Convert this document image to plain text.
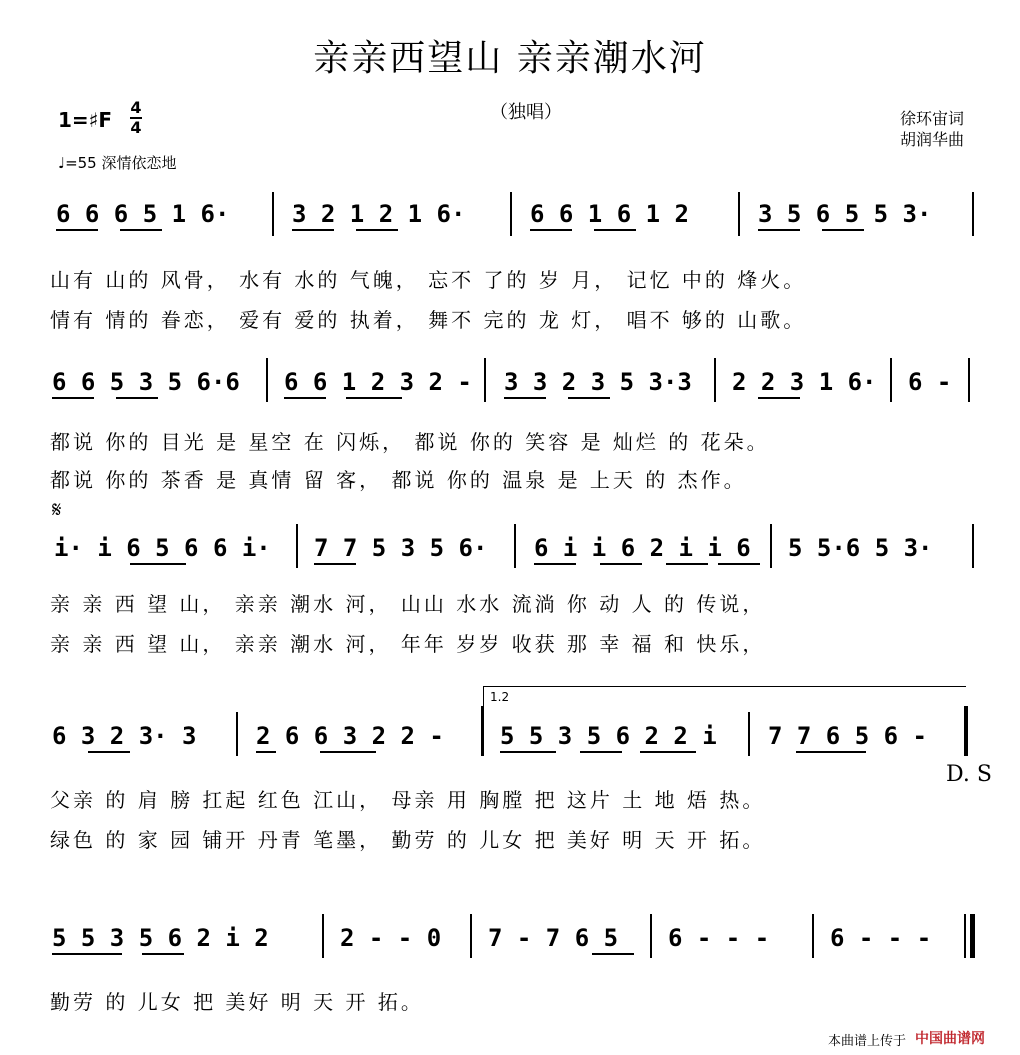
亲亲西望山 亲亲潮水河
（独唱）
1=♯F
4
4
♩=55 深情依恋地
徐环宙词
胡润华曲
6 6 6 5 1 6·	3 2 1 2 1 6·	6 6 1 6 1 2	3 5 6 5 5 3·
山有 山的 风骨， 水有 水的 气魄， 忘不 了的 岁 月， 记忆 中的 烽火。
情有 情的 眷恋， 爱有 爱的 执着， 舞不 完的 龙 灯， 唱不 够的 山歌。
6 6 5 3 5 6·6 6 6 1 2 3 2 - 3 3 2 3 5 3·3 2 2 3 1 6· 6 -
都说 你的 目光 是 星空 在 闪烁， 都说 你的 笑容 是 灿烂 的 花朵。
都说 你的 茶香 是 真情 留 客， 都说 你的 温泉 是 上天 的 杰作。
𝄋
i· i 6 5 6 6 i· 7 7 5 3 5 6· 6 i i 6 2 i i 6 5 5·6 5 3·
亲 亲 西 望 山， 亲亲 潮水 河， 山山 水水 流淌 你 动 人 的 传说，
亲 亲 西 望 山， 亲亲 潮水 河， 年年 岁岁 收获 那 幸 福 和 快乐，
1.2
6 3 2 3· 3 2 6 6 3 2 2 - 5 5 3 5 6 2 2 i 7 7 6 5 6 -
D. S
父亲 的 肩 膀 扛起 红色 江山， 母亲 用 胸膛 把 这片 土 地 焐 热。
绿色 的 家 园 铺开 丹青 笔墨， 勤劳 的 儿女 把 美好 明 天 开 拓。
5 5 3 5 6 2 i 2	2 - - 0 7 - 7 6 5 6 - - -	6 - - -
勤劳 的 儿女 把 美好 明 天 开 拓。
本曲谱上传于 中国曲谱网
